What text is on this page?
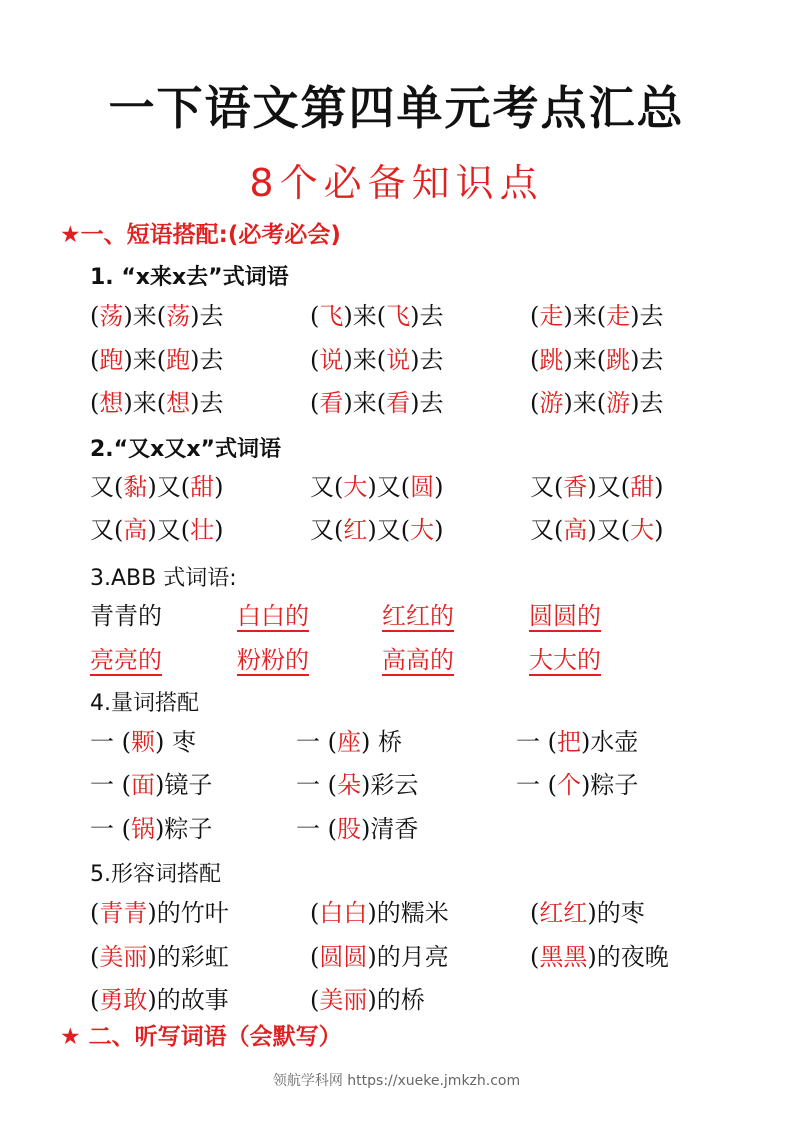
一下语文第四单元考点汇总
8个必备知识点
★一、短语搭配:(必考必会)
1. “x来x去”式词语
(荡)来(荡)去	(飞)来(飞)去	(走)来(走)去
(跑)来(跑)去	(说)来(说)去	(跳)来(跳)去
(想)来(想)去	(看)来(看)去	(游)来(游)去
2.“又x又x”式词语
又(黏)又(甜)	又(大)又(圆)	又(香)又(甜)
又(高)又(壮)	又(红)又(大)	又(高)又(大)
3.ABB 式词语:
青青的	白白的	红红的	圆圆的
亮亮的	粉粉的	高高的	大大的
4.量词搭配
一 (颗) 枣	一 (座) 桥	一 (把)水壶
一 (面)镜子	一 (朵)彩云	一 (个)粽子
一 (锅)粽子	一 (股)清香
5.形容词搭配
(青青)的竹叶	(白白)的糯米	(红红)的枣
(美丽)的彩虹	(圆圆)的月亮	(黑黑)的夜晚
(勇敢)的故事	(美丽)的桥
★ 二、听写词语（会默写）
领航学科网 https://xueke.jmkzh.com
